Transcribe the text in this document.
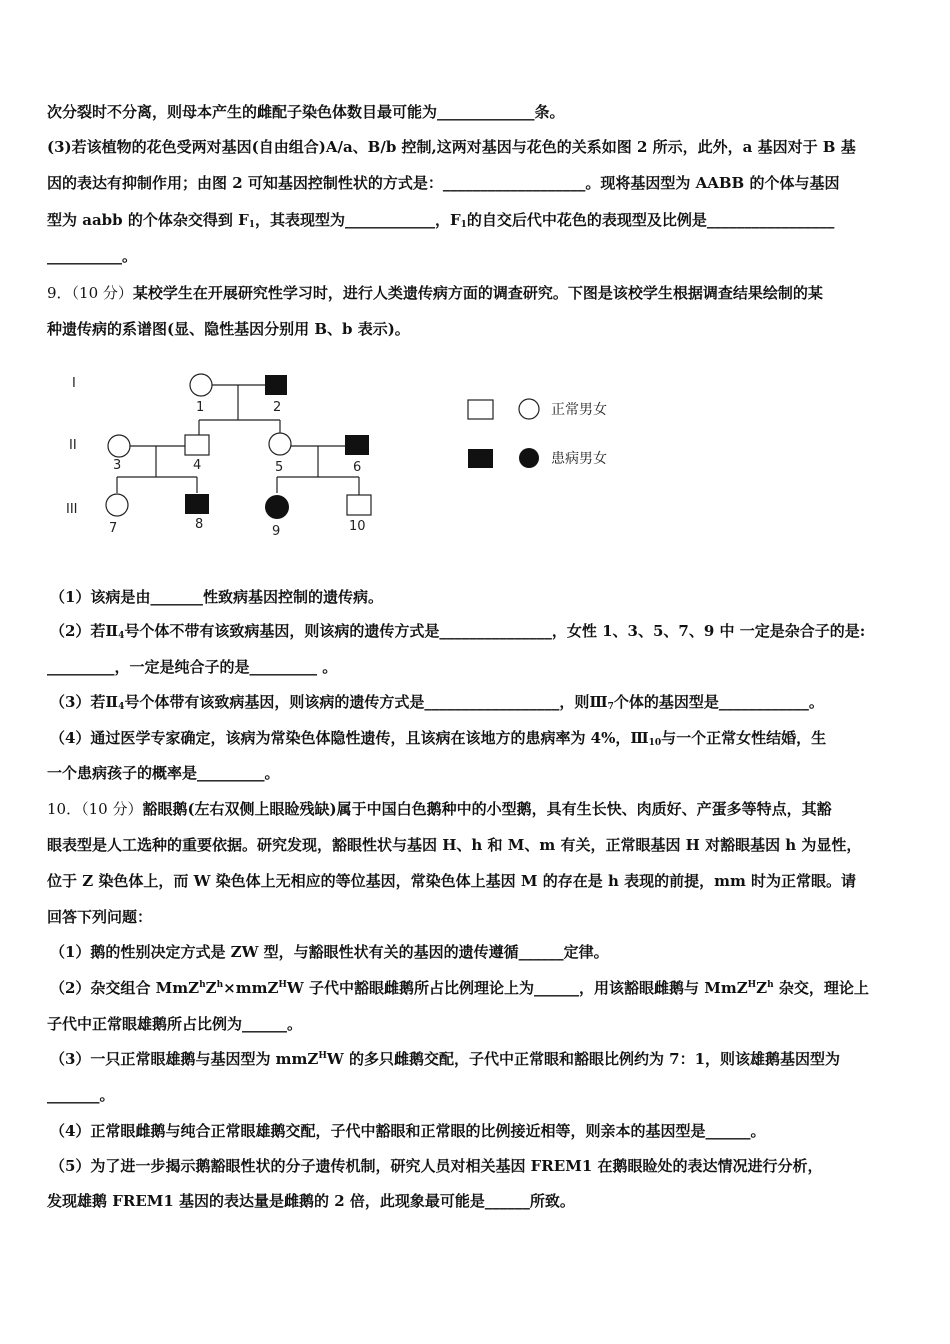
次分裂时不分离，则母本产生的雌配子染色体数目最可能为_____________条。
(3)若该植物的花色受两对基因(自由组合)A/a、B/b 控制,这两对基因与花色的关系如图 2 所示，此外，a 基因对于 B 基
因的表达有抑制作用；由图 2 可知基因控制性状的方式是：___________________。现将基因型为 AABB 的个体与基因
型为 aabb 的个体杂交得到 $F_1$，其表现型为____________，$F_1$的自交后代中花色的表现型及比例是_________________
__________。
9．（10 分）某校学生在开展研究性学习时，进行人类遗传病方面的调查研究。下图是该校学生根据调查结果绘制的某
种遗传病的系谱图(显、隐性基因分别用 B、b 表示)。
I
II
III
1	2
3	4	5	6
7	8	9	10
正常男女
患病男女
（1）该病是由_______性致病基因控制的遗传病。
（2）若$Ⅱ_4$号个体不带有该致病基因，则该病的遗传方式是_______________，女性 1、3、5、7、9 中 一定是杂合子的是:
_________，一定是纯合子的是_________ 。
（3）若$Ⅱ_4$号个体带有该致病基因，则该病的遗传方式是__________________，则$Ⅲ_7$个体的基因型是____________。
（4）通过医学专家确定，该病为常染色体隐性遗传，且该病在该地方的患病率为 4%，$Ⅲ_{10}$与一个正常女性结婚，生
一个患病孩子的概率是_________。
10．（10 分）豁眼鹅(左右双侧上眼睑残缺)属于中国白色鹅种中的小型鹅，具有生长快、肉质好、产蛋多等特点，其豁
眼表型是人工选种的重要依据。研究发现，豁眼性状与基因 H、h 和 M、m 有关，正常眼基因 H 对豁眼基因 h 为显性，
位于 Z 染色体上，而 W 染色体上无相应的等位基因，常染色体上基因 M 的存在是 h 表现的前提，mm 时为正常眼。请
回答下列问题：
（1）鹅的性别决定方式是 ZW 型，与豁眼性状有关的基因的遗传遵循______定律。
（2）杂交组合 $MmZ^hZ^h\times mmZ^HW$ 子代中豁眼雌鹅所占比例理论上为______，用该豁眼雌鹅与 $MmZ^HZ^h$ 杂交，理论上
子代中正常眼雄鹅所占比例为______。
（3）一只正常眼雄鹅与基因型为 mmZ$^H$W 的多只雌鹅交配，子代中正常眼和豁眼比例约为 7：1，则该雄鹅基因型为
_______。
（4）正常眼雌鹅与纯合正常眼雄鹅交配，子代中豁眼和正常眼的比例接近相等，则亲本的基因型是______。
（5）为了进一步揭示鹅豁眼性状的分子遗传机制，研究人员对相关基因 FREM1 在鹅眼睑处的表达情况进行分析，
发现雄鹅 FREM1 基因的表达量是雌鹅的 2 倍，此现象最可能是______所致。
